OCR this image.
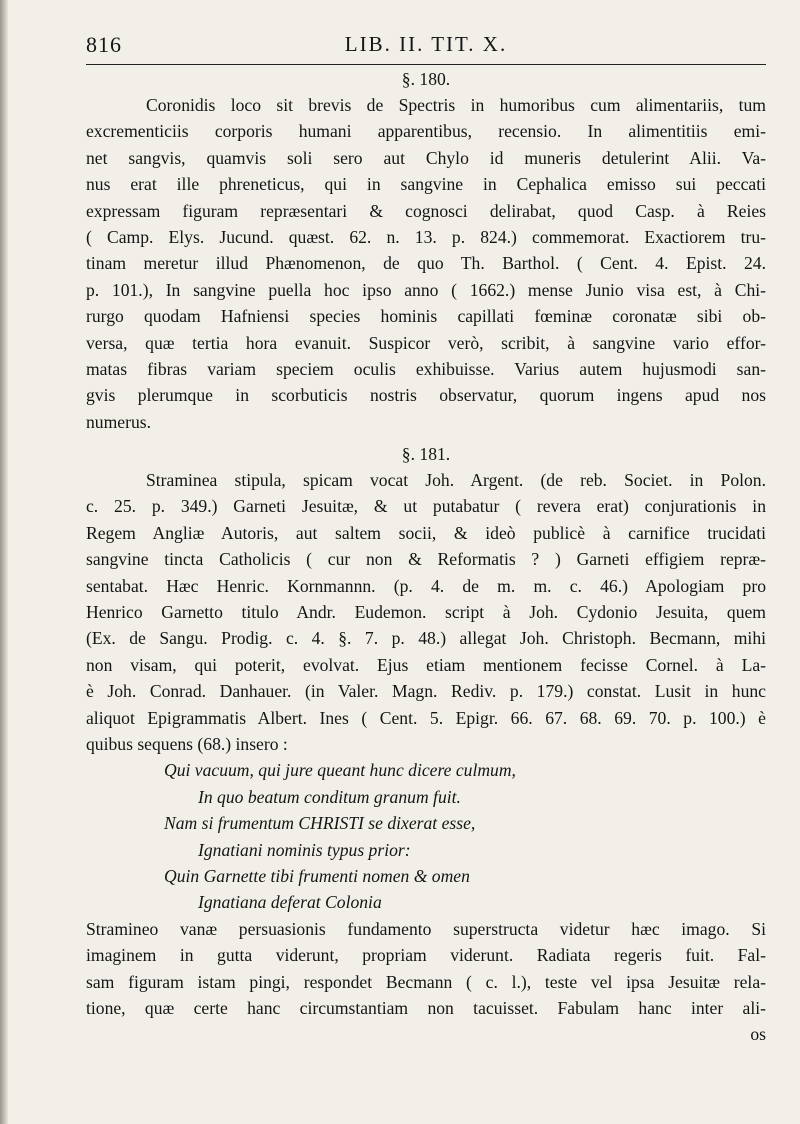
816	LIB. II. TIT. X.
§. 180.
Coronidis loco sit brevis de Spectris in humoribus cum alimentariis, tum
excrementiciis corporis humani apparentibus, recensio. In alimentitiis emi-
net sangvis, quamvis soli sero aut Chylo id muneris detulerint Alii. Va-
nus erat ille phreneticus, qui in sangvine in Cephalica emisso sui peccati
expressam figuram repræsentari & cognosci delirabat, quod Casp. à Reies
( Camp. Elys. Jucund. quæst. 62. n. 13. p. 824.) commemorat. Exactiorem tru-
tinam meretur illud Phænomenon, de quo Th. Barthol. ( Cent. 4. Epist. 24.
p. 101.), In sangvine puella hoc ipso anno ( 1662.) mense Junio visa est, à Chi-
rurgo quodam Hafniensi species hominis capillati fœminæ coronatæ sibi ob-
versa, quæ tertia hora evanuit. Suspicor verò, scribit, à sangvine vario effor-
matas fibras variam speciem oculis exhibuisse. Varius autem hujusmodi san-
gvis plerumque in scorbuticis nostris observatur, quorum ingens apud nos
numerus.
§. 181.
Straminea stipula, spicam vocat Joh. Argent. (de reb. Societ. in Polon.
c. 25. p. 349.) Garneti Jesuitæ, & ut putabatur ( revera erat) conjurationis in
Regem Angliæ Autoris, aut saltem socii, & ideò publicè à carnifice trucidati
sangvine tincta Catholicis ( cur non & Reformatis ? ) Garneti effigiem repræ-
sentabat. Hæc Henric. Kornmannn. (p. 4. de m. m. c. 46.) Apologiam pro
Henrico Garnetto titulo Andr. Eudemon. script à Joh. Cydonio Jesuita, quem
(Ex. de Sangu. Prodig. c. 4. §. 7. p. 48.) allegat Joh. Christoph. Becmann, mihi
non visam, qui poterit, evolvat. Ejus etiam mentionem fecisse Cornel. à La-
è Joh. Conrad. Danhauer. (in Valer. Magn. Rediv. p. 179.) constat. Lusit in hunc
aliquot Epigrammatis Albert. Ines ( Cent. 5. Epigr. 66. 67. 68. 69. 70. p. 100.) è
quibus sequens (68.) insero :
Qui vacuum, qui jure queant hunc dicere culmum,
In quo beatum conditum granum fuit.
Nam si frumentum CHRISTI se dixerat esse,
Ignatiani nominis typus prior:
Quin Garnette tibi frumenti nomen & omen
Ignatiana deferat Colonia
Stramineo vanæ persuasionis fundamento superstructa videtur hæc imago. Si
imaginem in gutta viderunt, propriam viderunt. Radiata regeris fuit. Fal-
sam figuram istam pingi, respondet Becmann ( c. l.), teste vel ipsa Jesuitæ rela-
tione, quæ certe hanc circumstantiam non tacuisset. Fabulam hanc inter ali-
os
